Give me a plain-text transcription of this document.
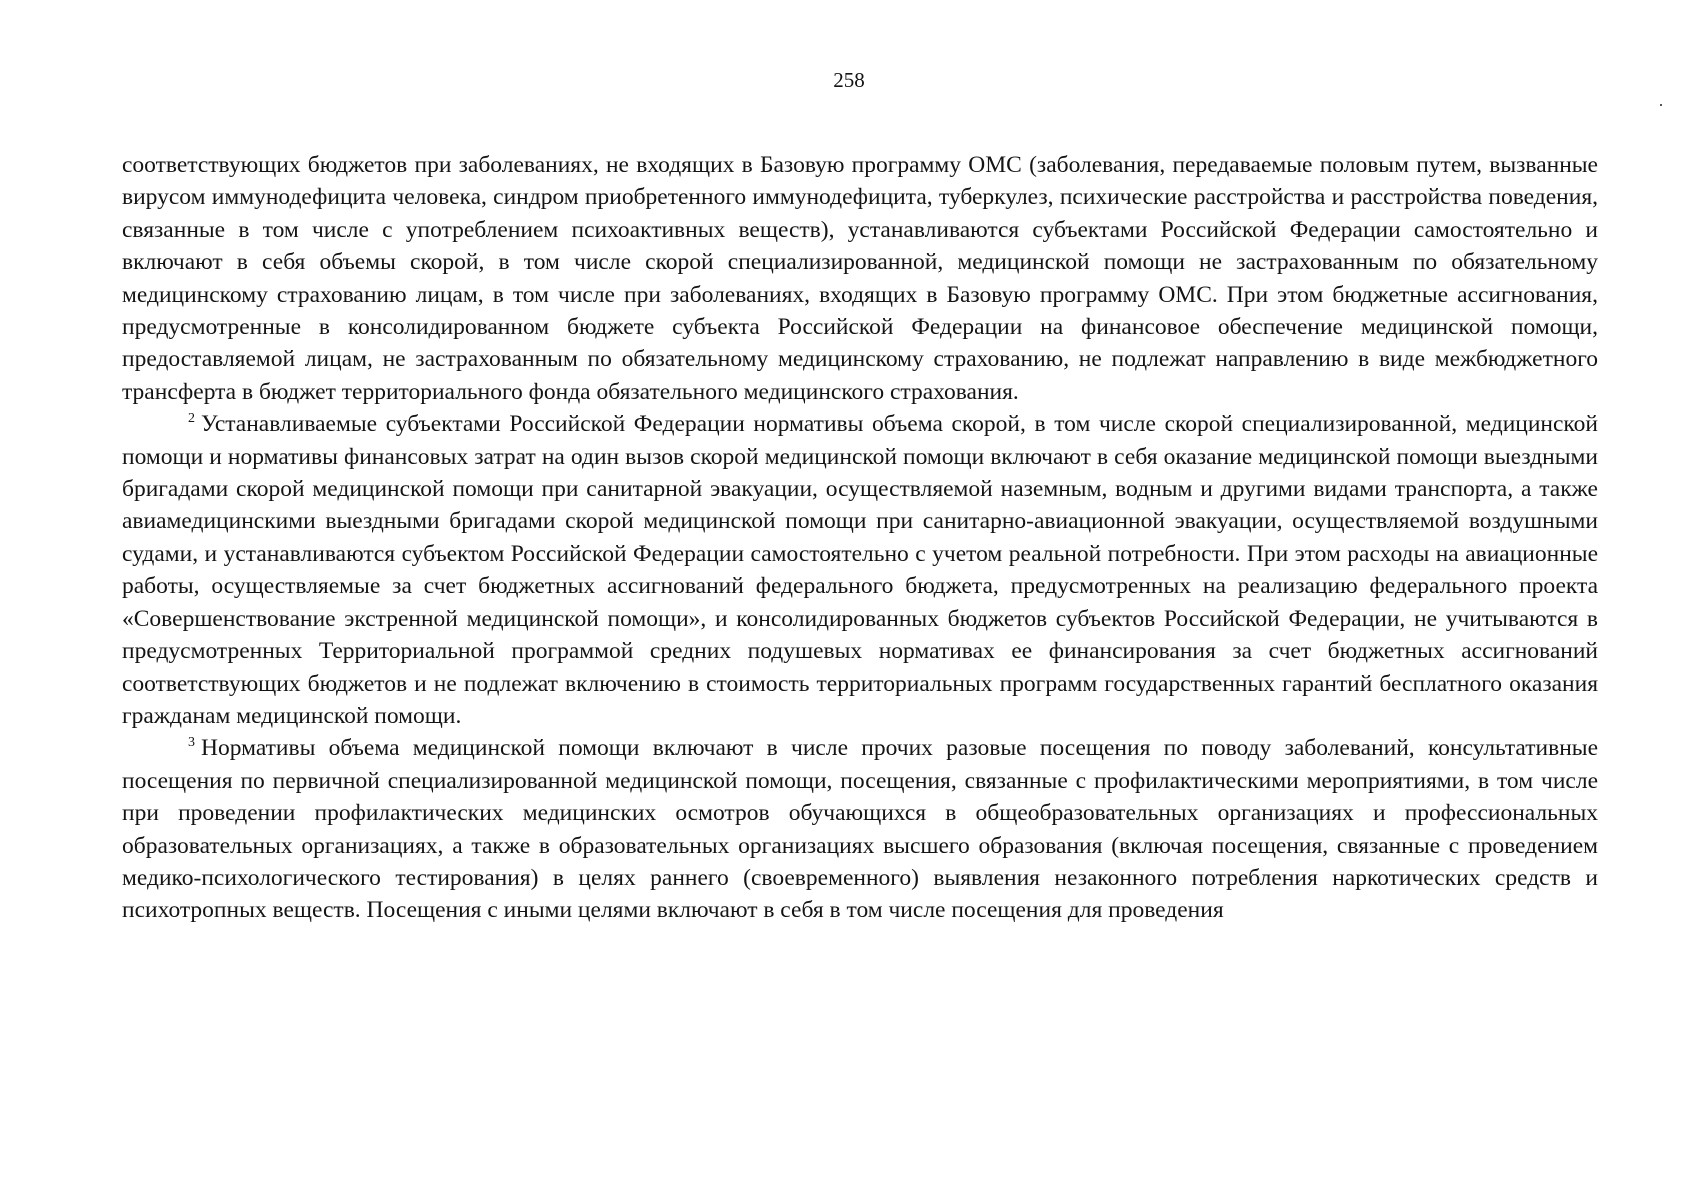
258

соответствующих бюджетов при заболеваниях, не входящих в Базовую программу ОМС (заболевания, передаваемые половым путем, вызванные вирусом иммунодефицита человека, синдром приобретенного иммунодефицита, туберкулез, психические расстройства и расстройства поведения, связанные в том числе с употреблением психоактивных веществ), устанавливаются субъектами Российской Федерации самостоятельно и включают в себя объемы скорой, в том числе скорой специализированной, медицинской помощи не застрахованным по обязательному медицинскому страхованию лицам, в том числе при заболеваниях, входящих в Базовую программу ОМС. При этом бюджетные ассигнования, предусмотренные в консолидированном бюджете субъекта Российской Федерации на финансовое обеспечение медицинской помощи, предоставляемой лицам, не застрахованным по обязательному медицинскому страхованию, не подлежат направлению в виде межбюджетного трансферта в бюджет территориального фонда обязательного медицинского страхования.

$^2$ Устанавливаемые субъектами Российской Федерации нормативы объема скорой, в том числе скорой специализированной, медицинской помощи и нормативы финансовых затрат на один вызов скорой медицинской помощи включают в себя оказание медицинской помощи выездными бригадами скорой медицинской помощи при санитарной эвакуации, осуществляемой наземным, водным и другими видами транспорта, а также авиамедицинскими выездными бригадами скорой медицинской помощи при санитарно-авиационной эвакуации, осуществляемой воздушными судами, и устанавливаются субъектом Российской Федерации самостоятельно с учетом реальной потребности. При этом расходы на авиационные работы, осуществляемые за счет бюджетных ассигнований федерального бюджета, предусмотренных на реализацию федерального проекта «Совершенствование экстренной медицинской помощи», и консолидированных бюджетов субъектов Российской Федерации, не учитываются в предусмотренных Территориальной программой средних подушевых нормативах ее финансирования за счет бюджетных ассигнований соответствующих бюджетов и не подлежат включению в стоимость территориальных программ государственных гарантий бесплатного оказания гражданам медицинской помощи.

$^3$ Нормативы объема медицинской помощи включают в числе прочих разовые посещения по поводу заболеваний, консультативные посещения по первичной специализированной медицинской помощи, посещения, связанные с профилактическими мероприятиями, в том числе при проведении профилактических медицинских осмотров обучающихся в общеобразовательных организациях и профессиональных образовательных организациях, а также в образовательных организациях высшего образования (включая посещения, связанные с проведением медико-психологического тестирования) в целях раннего (своевременного) выявления незаконного потребления наркотических средств и психотропных веществ. Посещения с иными целями включают в себя в том числе посещения для проведения
